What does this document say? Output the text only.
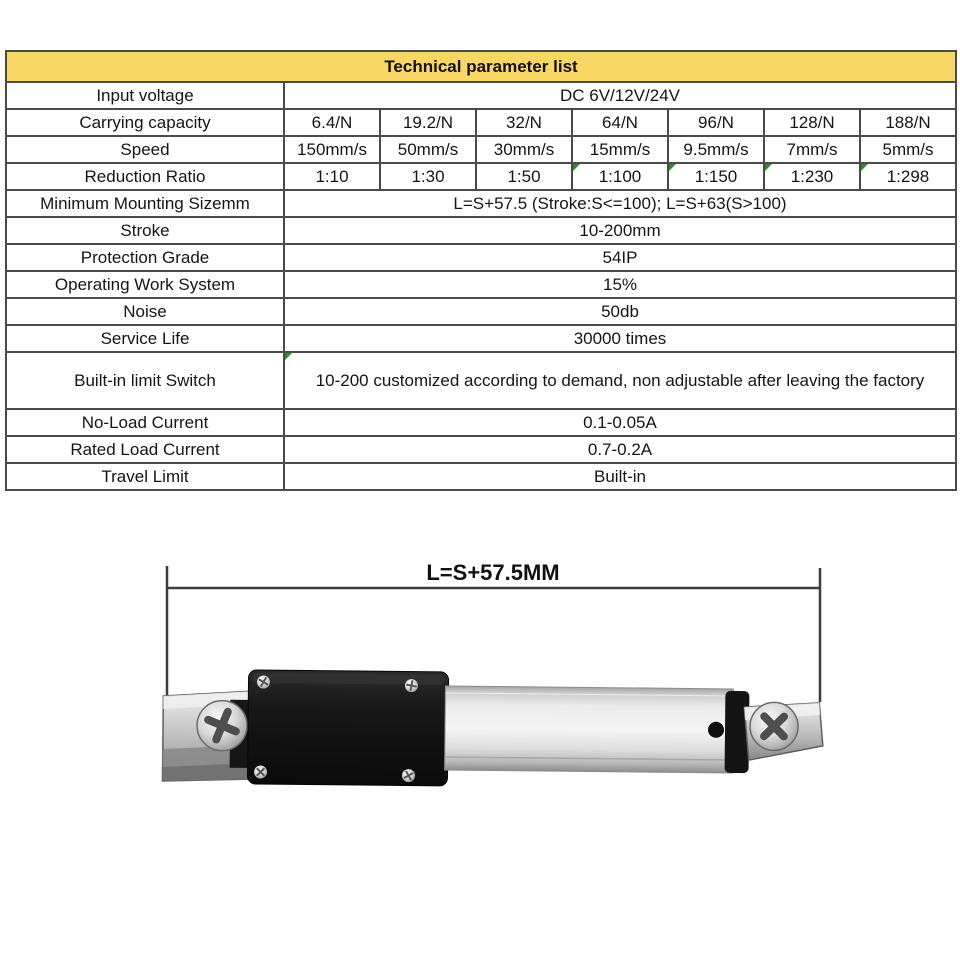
Technical parameter list							
Input voltage	DC 6V/12V/24V						
Carrying capacity	6.4/N	19.2/N	32/N	64/N	96/N	128/N	188/N
Speed	150mm/s	50mm/s	30mm/s	15mm/s	9.5mm/s	7mm/s	5mm/s
Reduction Ratio	1:10	1:30	1:50	1:100	1:150	1:230	1:298
Minimum Mounting Sizemm	L=S+57.5 (Stroke:S<=100); L=S+63(S>100)						
Stroke	10-200mm						
Protection Grade	54IP						
Operating Work System	15%						
Noise	50db						
Service Life	30000 times						
Built-in limit Switch	10-200 customized according to demand, non adjustable after leaving the factory						
No-Load Current	0.1-0.05A						
Rated Load Current	0.7-0.2A						
Travel Limit	Built-in						
L=S+57.5MM
